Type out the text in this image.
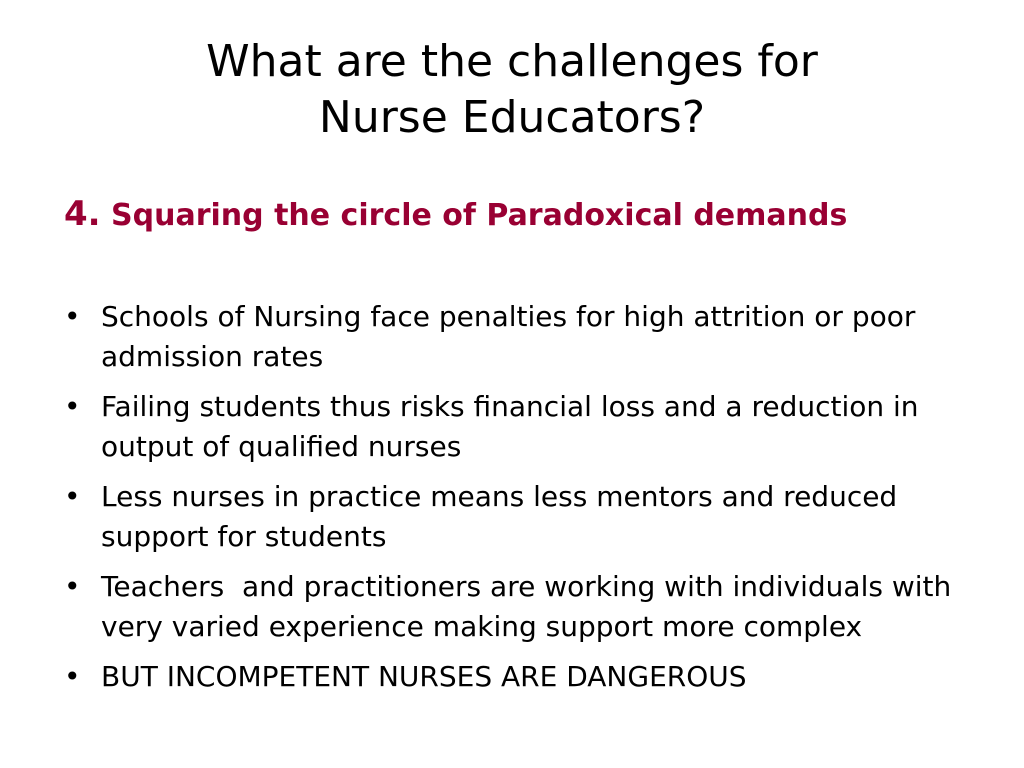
What are the challenges for
Nurse Educators?

4. Squaring the circle of Paradoxical demands

• Schools of Nursing face penalties for high attrition or poor admission rates
• Failing students thus risks financial loss and a reduction in output of qualified nurses
• Less nurses in practice means less mentors and reduced support for students
• Teachers  and practitioners are working with individuals with very varied experience making support more complex
• BUT INCOMPETENT NURSES ARE DANGEROUS
